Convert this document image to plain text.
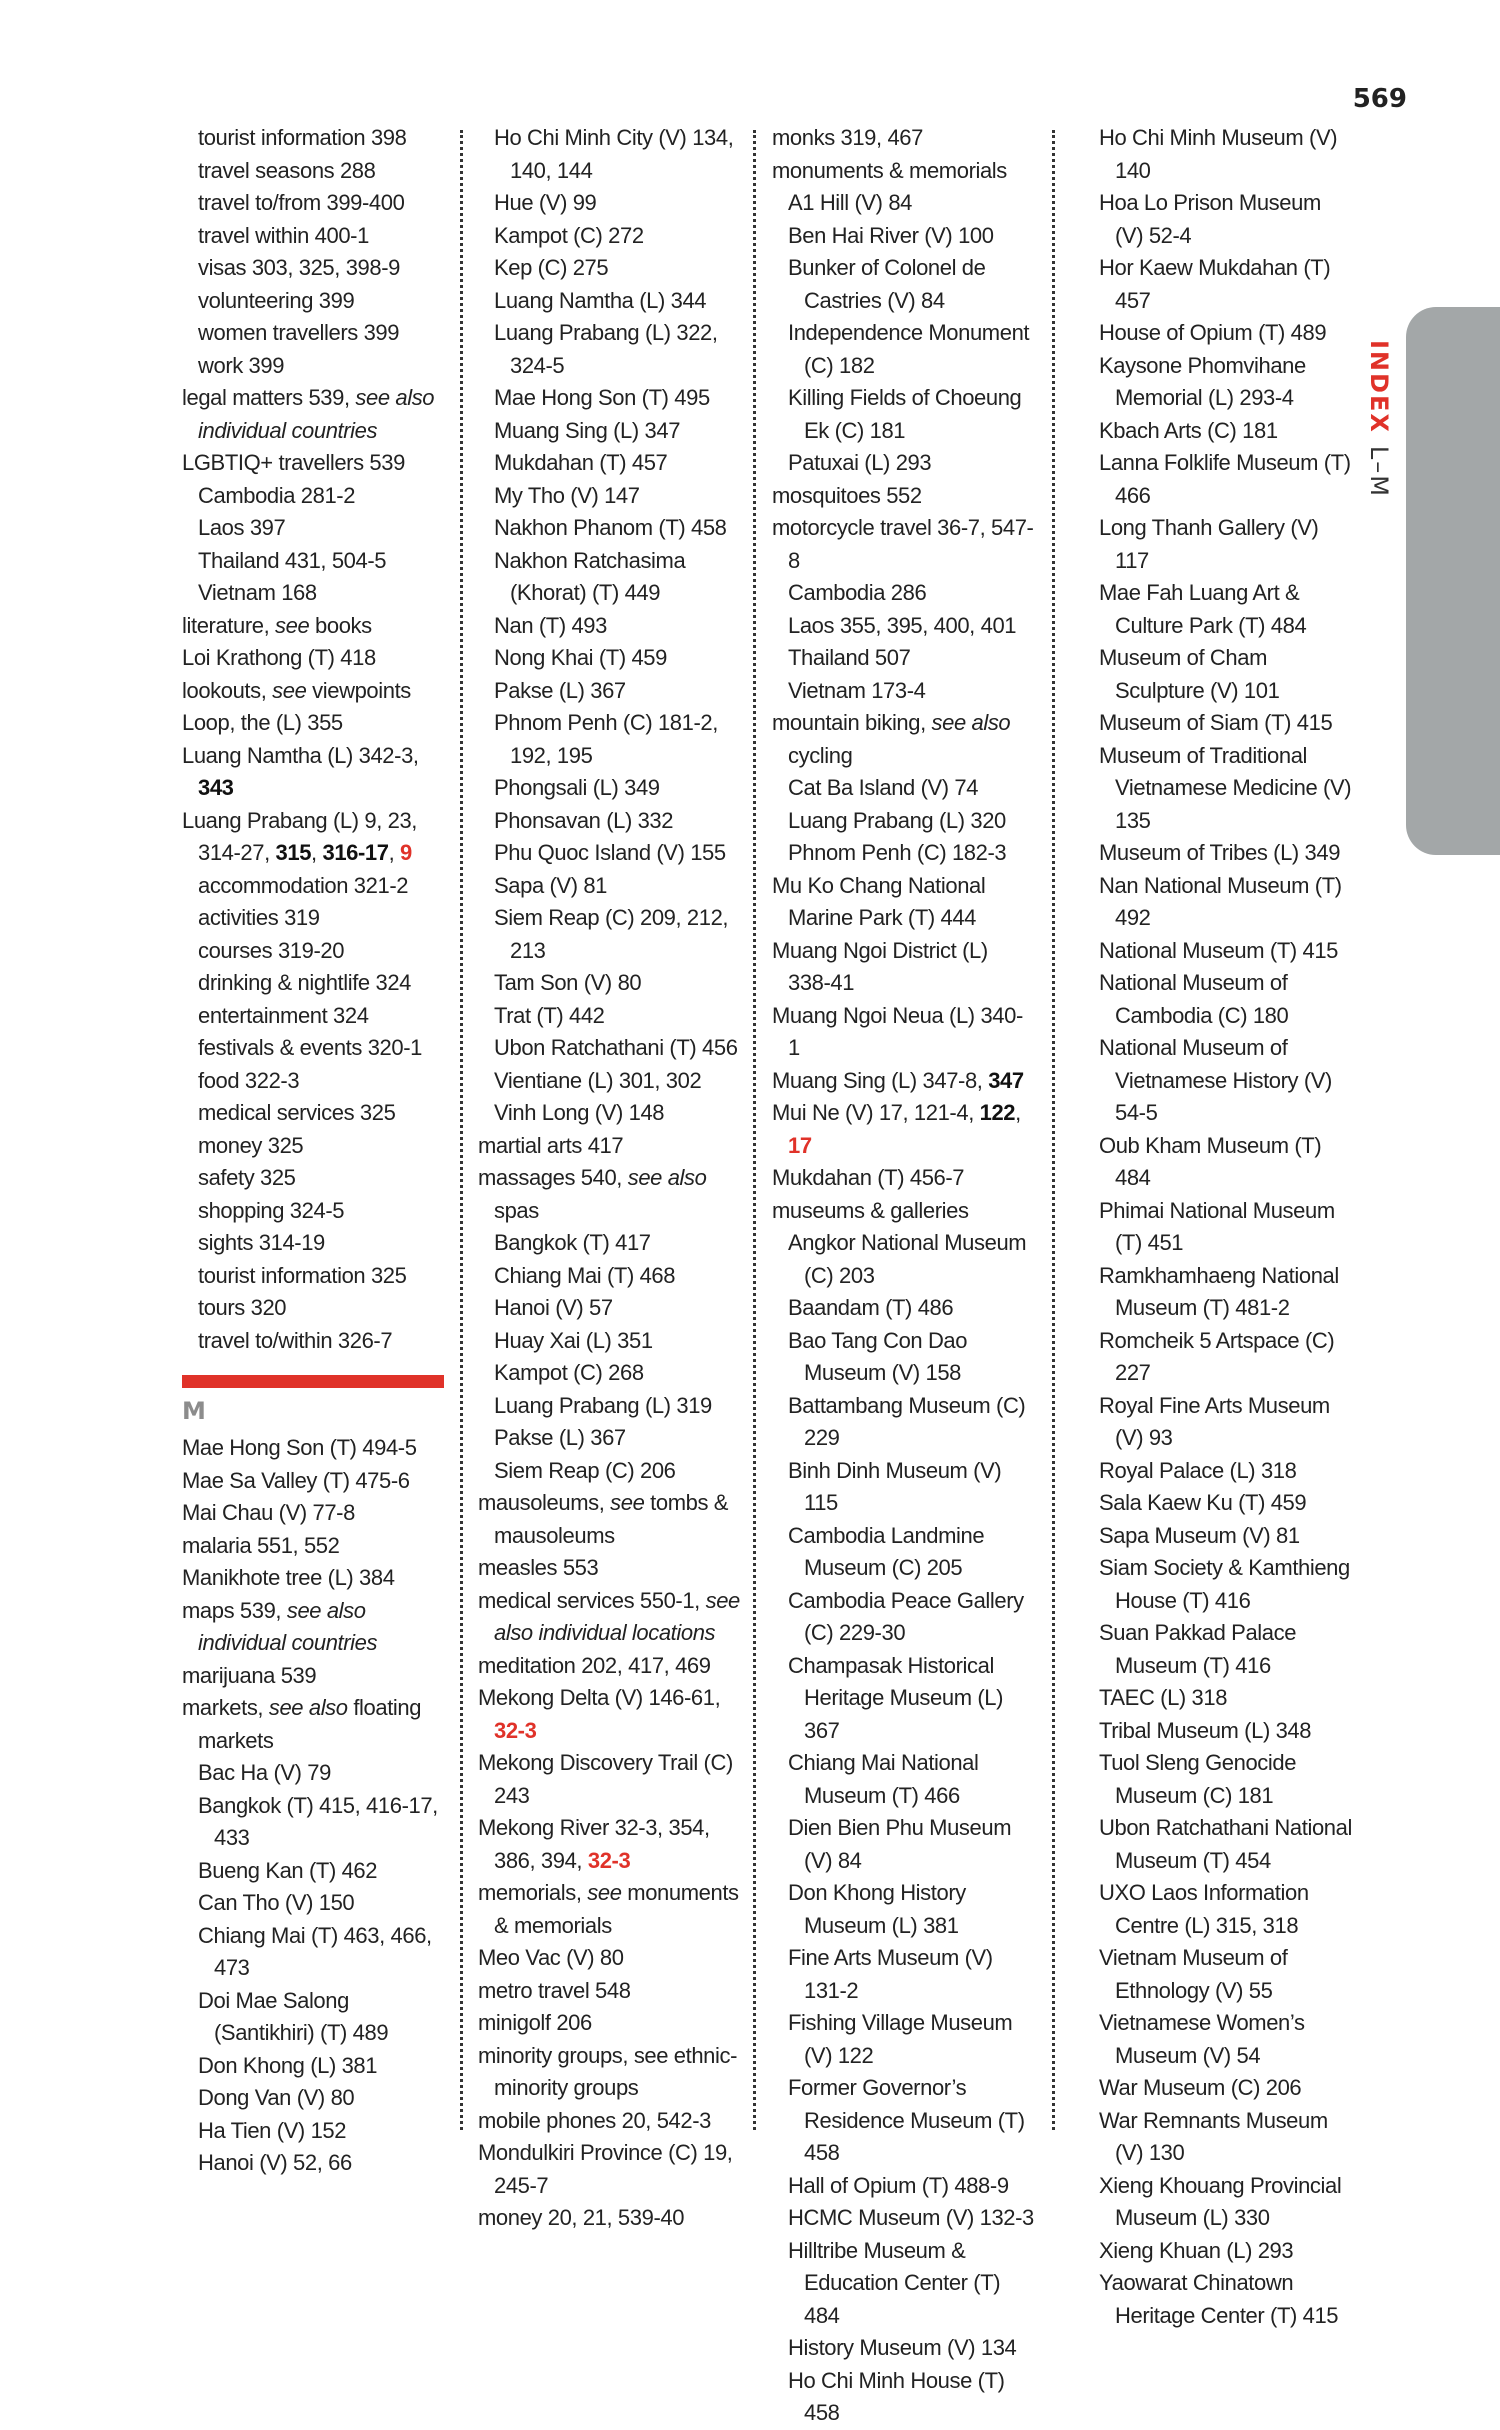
569
INDEXL–M
tourist information 398
travel seasons 288
travel to/from 399-400
travel within 400-1
visas 303, 325, 398-9
volunteering 399
women travellers 399
work 399
legal matters 539, see also individual countries
LGBTIQ+ travellers 539
Cambodia 281-2
Laos 397
Thailand 431, 504-5
Vietnam 168
literature, see books
Loi Krathong (T) 418
lookouts, see viewpoints
Loop, the (L) 355
Luang Namtha (L) 342-3, 343
Luang Prabang (L) 9, 23, 314-27, 315, 316-17, 9
accommodation 321-2
activities 319
courses 319-20
drinking & nightlife 324
entertainment 324
festivals & events 320-1
food 322-3
medical services 325
money 325
safety 325
shopping 324-5
sights 314-19
tourist information 325
tours 320
travel to/within 326-7
M
Mae Hong Son (T) 494-5
Mae Sa Valley (T) 475-6
Mai Chau (V) 77-8
malaria 551, 552
Manikhote tree (L) 384
maps 539, see also individual countries
marijuana 539
markets, see also floating markets
Bac Ha (V) 79
Bangkok (T) 415, 416-17, 433
Bueng Kan (T) 462
Can Tho (V) 150
Chiang Mai (T) 463, 466, 473
Doi Mae Salong (Santikhiri) (T) 489
Don Khong (L) 381
Dong Van (V) 80
Ha Tien (V) 152
Hanoi (V) 52, 66
Ho Chi Minh City (V) 134, 140, 144
Hue (V) 99
Kampot (C) 272
Kep (C) 275
Luang Namtha (L) 344
Luang Prabang (L) 322, 324-5
Mae Hong Son (T) 495
Muang Sing (L) 347
Mukdahan (T) 457
My Tho (V) 147
Nakhon Phanom (T) 458
Nakhon Ratchasima (Khorat) (T) 449
Nan (T) 493
Nong Khai (T) 459
Pakse (L) 367
Phnom Penh (C) 181-2, 192, 195
Phongsali (L) 349
Phonsavan (L) 332
Phu Quoc Island (V) 155
Sapa (V) 81
Siem Reap (C) 209, 212, 213
Tam Son (V) 80
Trat (T) 442
Ubon Ratchathani (T) 456
Vientiane (L) 301, 302
Vinh Long (V) 148
martial arts 417
massages 540, see also spas
Bangkok (T) 417
Chiang Mai (T) 468
Hanoi (V) 57
Huay Xai (L) 351
Kampot (C) 268
Luang Prabang (L) 319
Pakse (L) 367
Siem Reap (C) 206
mausoleums, see tombs & mausoleums
measles 553
medical services 550-1, see also individual locations
meditation 202, 417, 469
Mekong Delta (V) 146-61, 32-3
Mekong Discovery Trail (C) 243
Mekong River 32-3, 354, 386, 394, 32-3
memorials, see monuments & memorials
Meo Vac (V) 80
metro travel 548
minigolf 206
minority groups, see ethnic-minority groups
mobile phones 20, 542-3
Mondulkiri Province (C) 19, 245-7
money 20, 21, 539-40
monks 319, 467
monuments & memorials
A1 Hill (V) 84
Ben Hai River (V) 100
Bunker of Colonel de Castries (V) 84
Independence Monument (C) 182
Killing Fields of Choeung Ek (C) 181
Patuxai (L) 293
mosquitoes 552
motorcycle travel 36-7, 547-8
Cambodia 286
Laos 355, 395, 400, 401
Thailand 507
Vietnam 173-4
mountain biking, see also cycling
Cat Ba Island (V) 74
Luang Prabang (L) 320
Phnom Penh (C) 182-3
Mu Ko Chang National Marine Park (T) 444
Muang Ngoi District (L) 338-41
Muang Ngoi Neua (L) 340-1
Muang Sing (L) 347-8, 347
Mui Ne (V) 17, 121-4, 122, 17
Mukdahan (T) 456-7
museums & galleries
Angkor National Museum (C) 203
Baandam (T) 486
Bao Tang Con Dao Museum (V) 158
Battambang Museum (C) 229
Binh Dinh Museum (V) 115
Cambodia Landmine Museum (C) 205
Cambodia Peace Gallery (C) 229-30
Champasak Historical Heritage Museum (L) 367
Chiang Mai National Museum (T) 466
Dien Bien Phu Museum (V) 84
Don Khong History Museum (L) 381
Fine Arts Museum (V) 131-2
Fishing Village Museum (V) 122
Former Governor’s Residence Museum (T) 458
Hall of Opium (T) 488-9
HCMC Museum (V) 132-3
Hilltribe Museum & Education Center (T) 484
History Museum (V) 134
Ho Chi Minh House (T) 458
Ho Chi Minh Museum (V) 140
Hoa Lo Prison Museum (V) 52-4
Hor Kaew Mukdahan (T) 457
House of Opium (T) 489
Kaysone Phomvihane Memorial (L) 293-4
Kbach Arts (C) 181
Lanna Folklife Museum (T) 466
Long Thanh Gallery (V) 117
Mae Fah Luang Art & Culture Park (T) 484
Museum of Cham Sculpture (V) 101
Museum of Siam (T) 415
Museum of Traditional Vietnamese Medicine (V) 135
Museum of Tribes (L) 349
Nan National Museum (T) 492
National Museum (T) 415
National Museum of Cambodia (C) 180
National Museum of Vietnamese History (V) 54-5
Oub Kham Museum (T) 484
Phimai National Museum (T) 451
Ramkhamhaeng National Museum (T) 481-2
Romcheik 5 Artspace (C) 227
Royal Fine Arts Museum (V) 93
Royal Palace (L) 318
Sala Kaew Ku (T) 459
Sapa Museum (V) 81
Siam Society & Kamthieng House (T) 416
Suan Pakkad Palace Museum (T) 416
TAEC (L) 318
Tribal Museum (L) 348
Tuol Sleng Genocide Museum (C) 181
Ubon Ratchathani National Museum (T) 454
UXO Laos Information Centre (L) 315, 318
Vietnam Museum of Ethnology (V) 55
Vietnamese Women’s Museum (V) 54
War Museum (C) 206
War Remnants Museum (V) 130
Xieng Khouang Provincial Museum (L) 330
Xieng Khuan (L) 293
Yaowarat Chinatown Heritage Center (T) 415
